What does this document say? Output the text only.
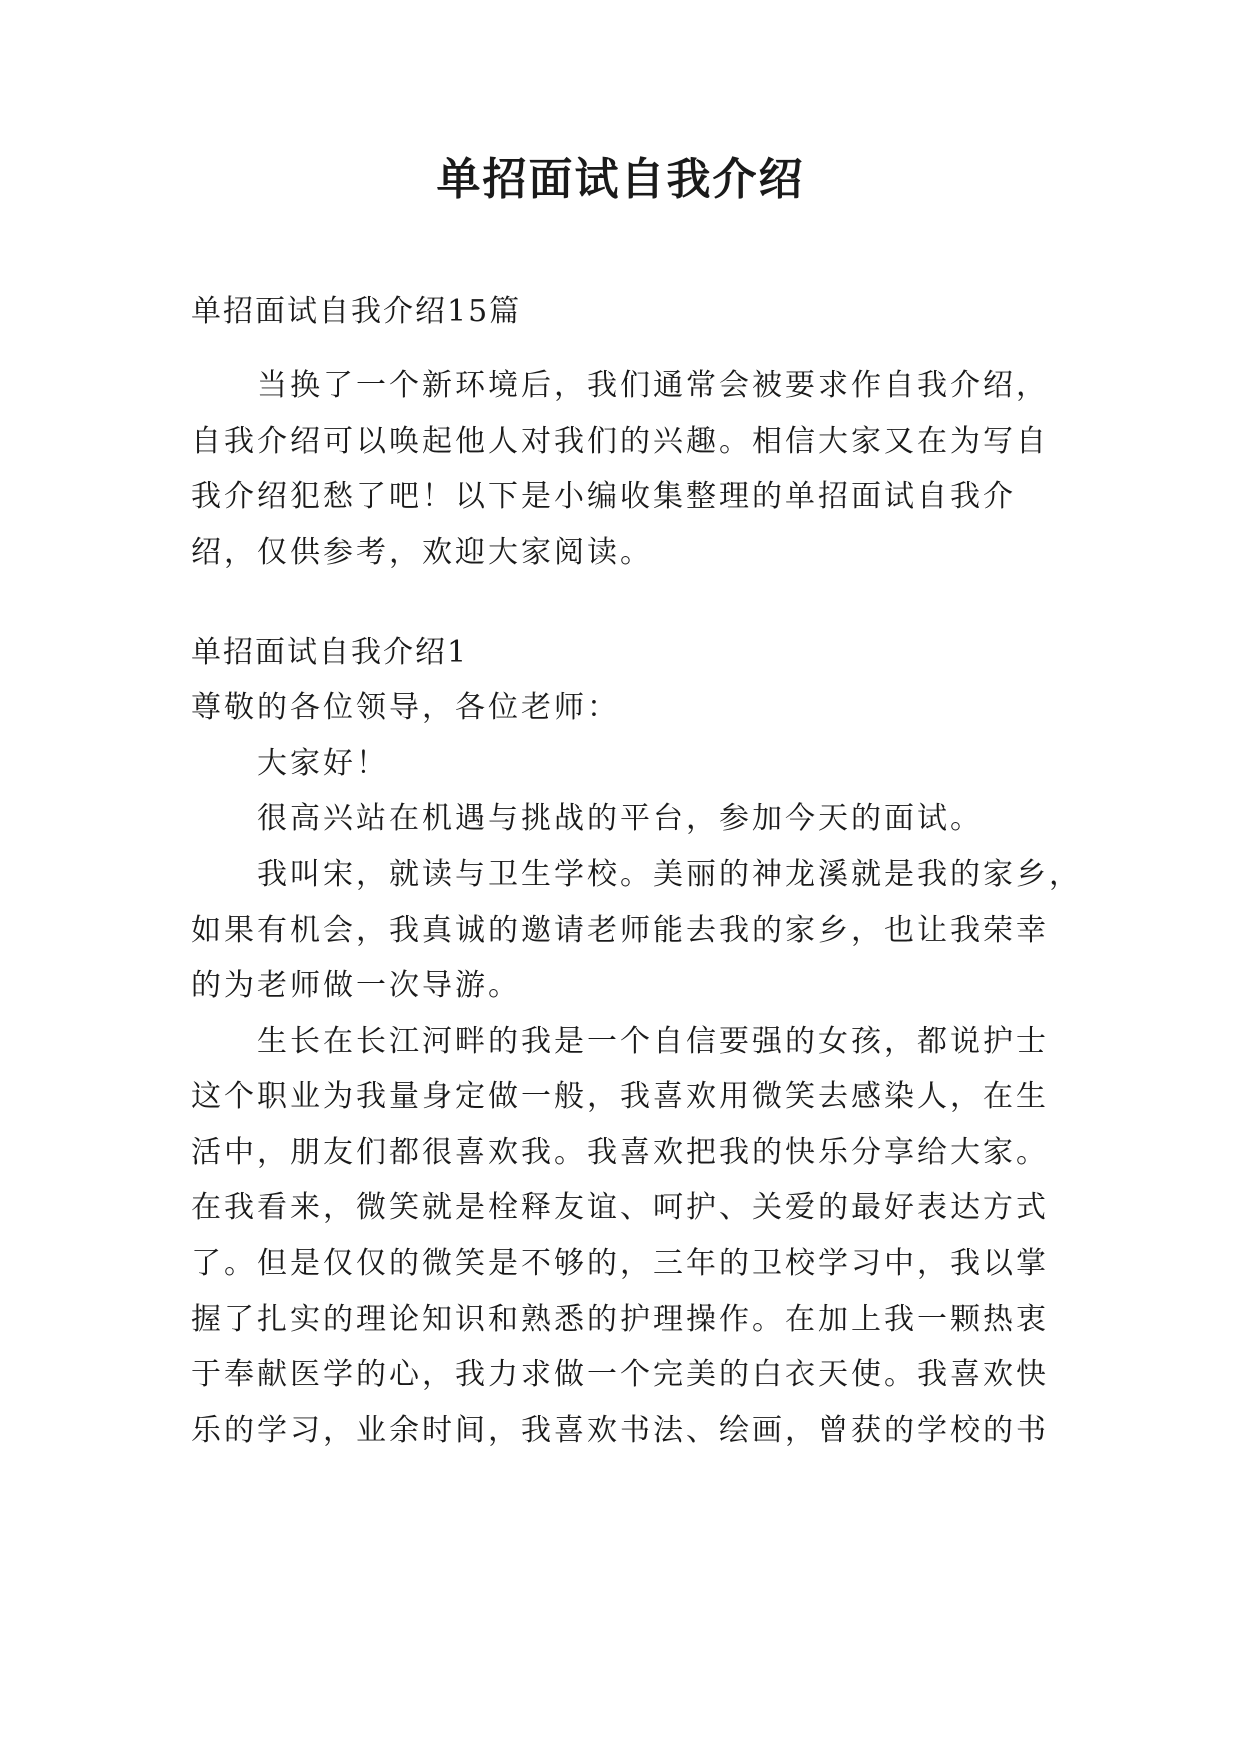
单招面试自我介绍
单招面试自我介绍15篇
当换了一个新环境后，我们通常会被要求作自我介绍，
自我介绍可以唤起他人对我们的兴趣。相信大家又在为写自
我介绍犯愁了吧！以下是小编收集整理的单招面试自我介
绍，仅供参考，欢迎大家阅读。
单招面试自我介绍1
尊敬的各位领导，各位老师：
大家好！
很高兴站在机遇与挑战的平台，参加今天的面试。
我叫宋，就读与卫生学校。美丽的神龙溪就是我的家乡，
如果有机会，我真诚的邀请老师能去我的家乡，也让我荣幸
的为老师做一次导游。
生长在长江河畔的我是一个自信要强的女孩，都说护士
这个职业为我量身定做一般，我喜欢用微笑去感染人，在生
活中，朋友们都很喜欢我。我喜欢把我的快乐分享给大家。
在我看来，微笑就是栓释友谊、呵护、关爱的最好表达方式
了。但是仅仅的微笑是不够的，三年的卫校学习中，我以掌
握了扎实的理论知识和熟悉的护理操作。在加上我一颗热衷
于奉献医学的心，我力求做一个完美的白衣天使。我喜欢快
乐的学习，业余时间，我喜欢书法、绘画，曾获的学校的书
